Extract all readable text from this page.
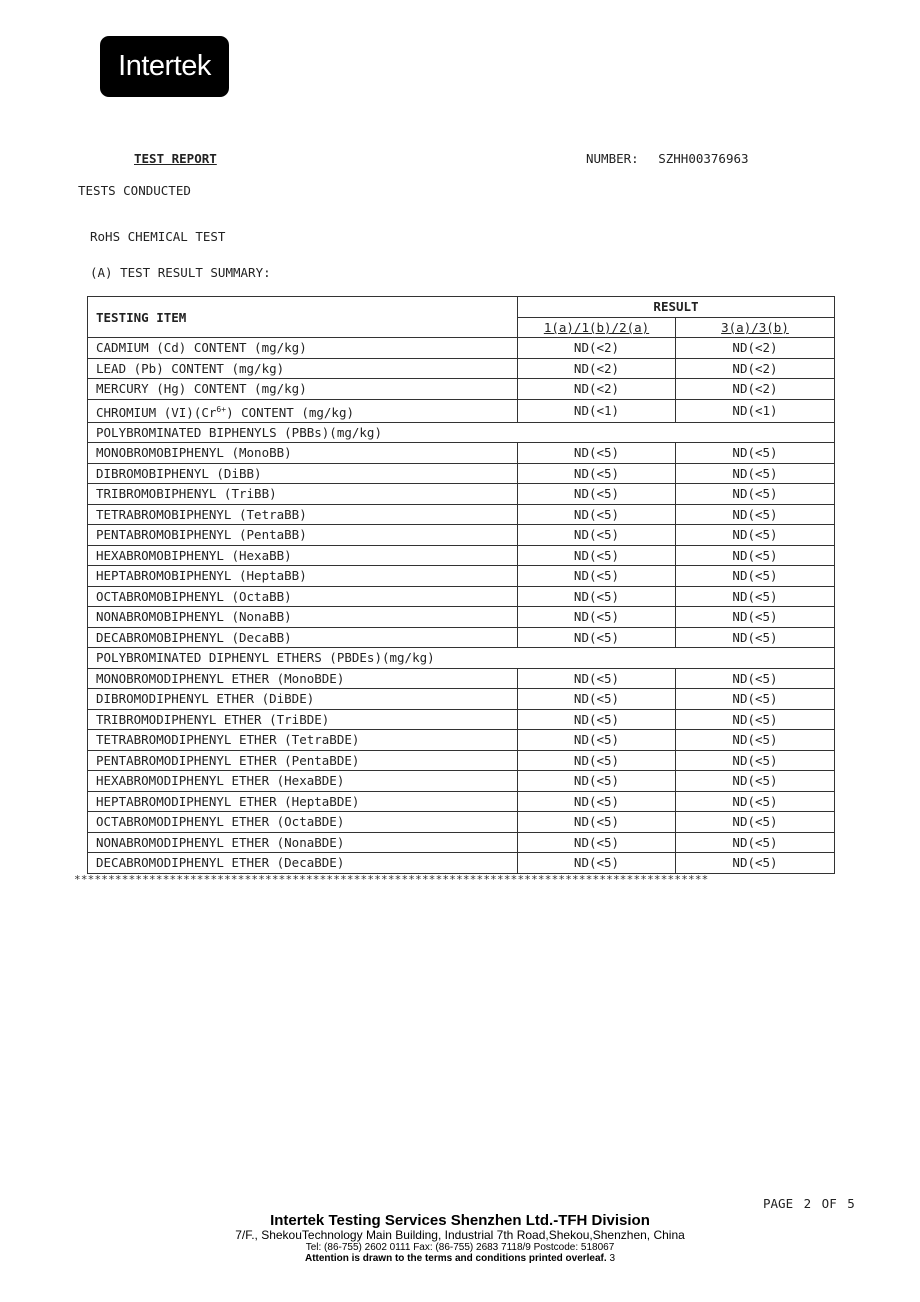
Intertek
TEST REPORT	NUMBER: SZHH00376963
TESTS CONDUCTED
RoHS CHEMICAL TEST
(A) TEST RESULT SUMMARY:
TESTING ITEM	RESULT	
	1(a)/1(b)/2(a)	3(a)/3(b)
CADMIUM (Cd) CONTENT (mg/kg)	ND(<2)	ND(<2)
LEAD (Pb) CONTENT (mg/kg)	ND(<2)	ND(<2)
MERCURY (Hg) CONTENT (mg/kg)	ND(<2)	ND(<2)
CHROMIUM $(VI)(Cr^{6+})$ CONTENT (mg/kg)	ND(<1)	ND(<1)
POLYBROMINATED BIPHENYLS (PBBs)(mg/kg)		
MONOBROMOBIPHENYL (MonoBB)	ND(<5)	ND(<5)
DIBROMOBIPHENYL (DiBB)	ND(<5)	ND(<5)
TRIBROMOBIPHENYL (TriBB)	ND(<5)	ND(<5)
TETRABROMOBIPHENYL (TetraBB)	ND(<5)	ND(<5)
PENTABROMOBIPHENYL (PentaBB)	ND(<5)	ND(<5)
HEXABROMOBIPHENYL (HexaBB)	ND(<5)	ND(<5)
HEPTABROMOBIPHENYL (HeptaBB)	ND(<5)	ND(<5)
OCTABROMOBIPHENYL (OctaBB)	ND(<5)	ND(<5)
NONABROMOBIPHENYL (NonaBB)	ND(<5)	ND(<5)
DECABROMOBIPHENYL (DecaBB)	ND(<5)	ND(<5)
POLYBROMINATED DIPHENYL ETHERS (PBDEs)(mg/kg)		
MONOBROMODIPHENYL ETHER (MonoBDE)	ND(<5)	ND(<5)
DIBROMODIPHENYL ETHER (DiBDE)	ND(<5)	ND(<5)
TRIBROMODIPHENYL ETHER (TriBDE)	ND(<5)	ND(<5)
TETRABROMODIPHENYL ETHER (TetraBDE)	ND(<5)	ND(<5)
PENTABROMODIPHENYL ETHER (PentaBDE)	ND(<5)	ND(<5)
HEXABROMODIPHENYL ETHER (HexaBDE)	ND(<5)	ND(<5)
HEPTABROMODIPHENYL ETHER (HeptaBDE)	ND(<5)	ND(<5)
OCTABROMODIPHENYL ETHER (OctaBDE)	ND(<5)	ND(<5)
NONABROMODIPHENYL ETHER (NonaBDE)	ND(<5)	ND(<5)
DECABROMODIPHENYL ETHER (DecaBDE)	ND(<5)	ND(<5)
*********************************************************************************************
PAGE 2 OF 5
Intertek Testing Services Shenzhen Ltd.-TFH Division
7/F., ShekouTechnology Main Building, Industrial 7th Road,Shekou,Shenzhen, China
Tel: (86-755) 2602 0111 Fax: (86-755) 2683 7118/9 Postcode: 518067
Attention is drawn to the terms and conditions printed overleaf. 3
